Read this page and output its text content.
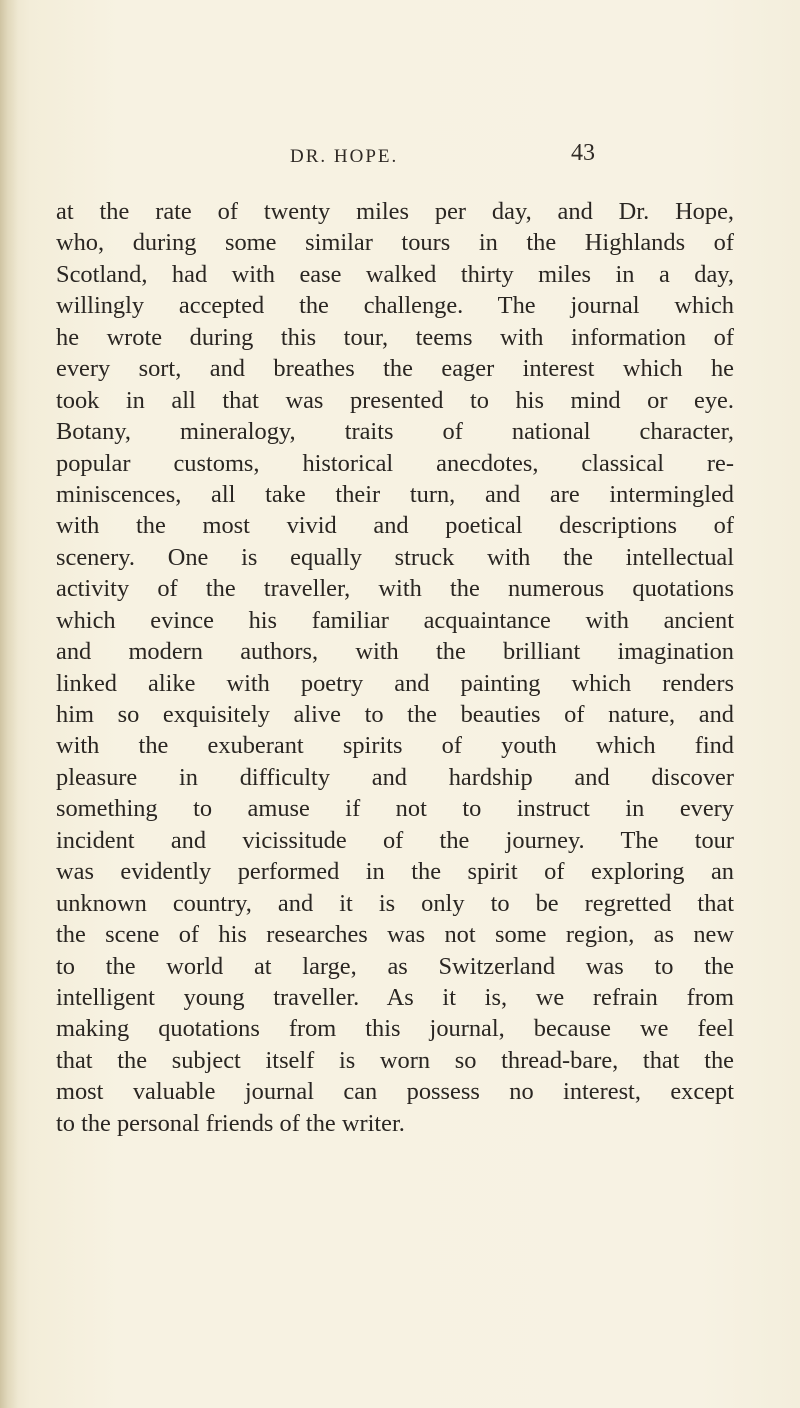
DR. HOPE.	43
at the rate of twenty miles per day, and Dr. Hope,
who, during some similar tours in the Highlands of
Scotland, had with ease walked thirty miles in a day,
willingly accepted the challenge. The journal which
he wrote during this tour, teems with information of
every sort, and breathes the eager interest which he
took in all that was presented to his mind or eye.
Botany, mineralogy, traits of national character,
popular customs, historical anecdotes, classical re-
miniscences, all take their turn, and are intermingled
with the most vivid and poetical descriptions of
scenery. One is equally struck with the intellectual
activity of the traveller, with the numerous quotations
which evince his familiar acquaintance with ancient
and modern authors, with the brilliant imagination
linked alike with poetry and painting which renders
him so exquisitely alive to the beauties of nature, and
with the exuberant spirits of youth which find
pleasure in difficulty and hardship and discover
something to amuse if not to instruct in every
incident and vicissitude of the journey. The tour
was evidently performed in the spirit of exploring an
unknown country, and it is only to be regretted that
the scene of his researches was not some region, as new
to the world at large, as Switzerland was to the
intelligent young traveller. As it is, we refrain from
making quotations from this journal, because we feel
that the subject itself is worn so thread-bare, that the
most valuable journal can possess no interest, except
to the personal friends of the writer.
